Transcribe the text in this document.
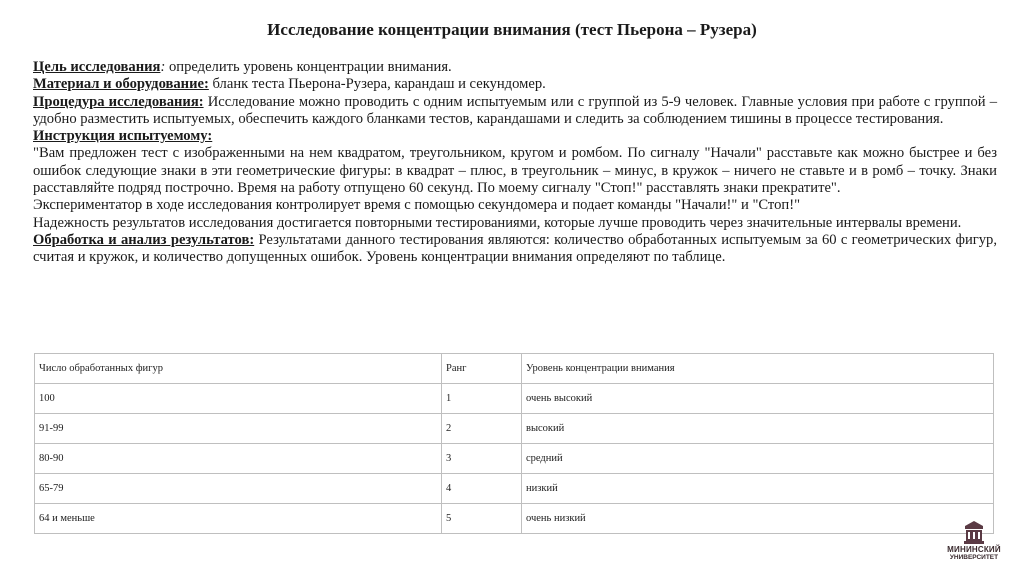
Исследование концентрации внимания (тест Пьерона – Рузера)

Цель исследования: определить уровень концентрации внимания.

Материал и оборудование: бланк теста Пьерона-Рузера, карандаш и секундомер.

Процедура исследования: Исследование можно проводить с одним испытуемым или с группой из 5-9 человек. Главные условия при работе с группой – удобно разместить испытуемых, обеспечить каждого бланками тестов, карандашами и следить за соблюдением тишины в процессе тестирования.

Инструкция испытуемому:

"Вам предложен тест с изображенными на нем квадратом, треугольником, кругом и ромбом. По сигналу "Начали" расставьте как можно быстрее и без ошибок следующие знаки в эти геометрические фигуры: в квадрат – плюс, в треугольник – минус, в кружок – ничего не ставьте и в ромб – точку. Знаки расставляйте подряд построчно. Время на работу отпущено 60 секунд. По моему сигналу "Стоп!" расставлять знаки прекратите".

Экспериментатор в ходе исследования контролирует время с помощью секундомера и подает команды "Начали!" и "Стоп!"

Надежность результатов исследования достигается повторными тестированиями, которые лучше проводить через значительные интервалы времени.

Обработка и анализ результатов: Результатами данного тестирования являются: количество обработанных испытуемым за 60 с геометрических фигур, считая и кружок, и количество допущенных ошибок. Уровень концентрации внимания определяют по таблице.

Число обработанных фигур	Ранг	Уровень концентрации внимания
100	1	очень высокий
91-99	2	высокий
80-90	3	средний
65-79	4	низкий
64 и меньше	5	очень низкий
МИНИНСКИЙ
УНИВЕРСИТЕТ
